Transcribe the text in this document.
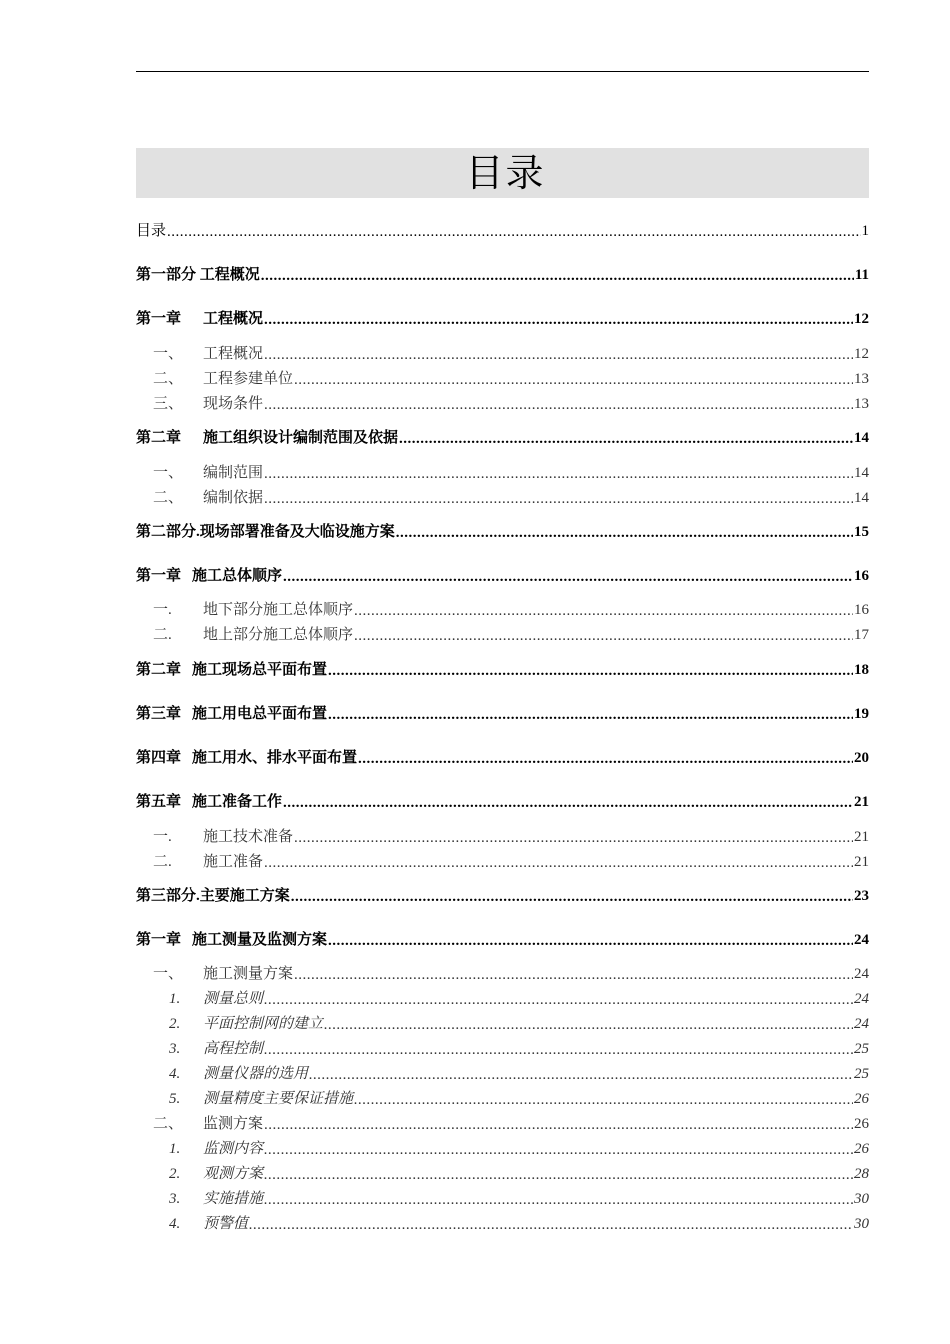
目录
目录 .....	1
第一部分 工程概况 .....	11
第一章	工程概况 .....	12
一、	工程概况 .....	12
二、	工程参建单位 .....	13
三、	现场条件 .....	13
第二章	施工组织设计编制范围及依据 .....	14
一、	编制范围 .....	14
二、	编制依据 .....	14
第二部分.现场部署准备及大临设施方案 .....	15
第一章 施工总体顺序 .....	16
一.	地下部分施工总体顺序 .....	16
二.	地上部分施工总体顺序 .....	17
第二章 施工现场总平面布置 .....	18
第三章 施工用电总平面布置 .....	19
第四章 施工用水、排水平面布置 .....	20
第五章 施工准备工作 .....	21
一.	施工技术准备 .....	21
二.	施工准备 .....	21
第三部分.主要施工方案 .....	23
第一章 施工测量及监测方案 .....	24
一、	施工测量方案 .....	24
1.	测量总则 .....	24
2.	平面控制网的建立 .....	24
3.	高程控制 .....	25
4.	测量仪器的选用 .....	25
5.	测量精度主要保证措施 .....	26
二、	监测方案 .....	26
1.	监测内容 .....	26
2.	观测方案 .....	28
3.	实施措施 .....	30
4.	预警值 .....	30
